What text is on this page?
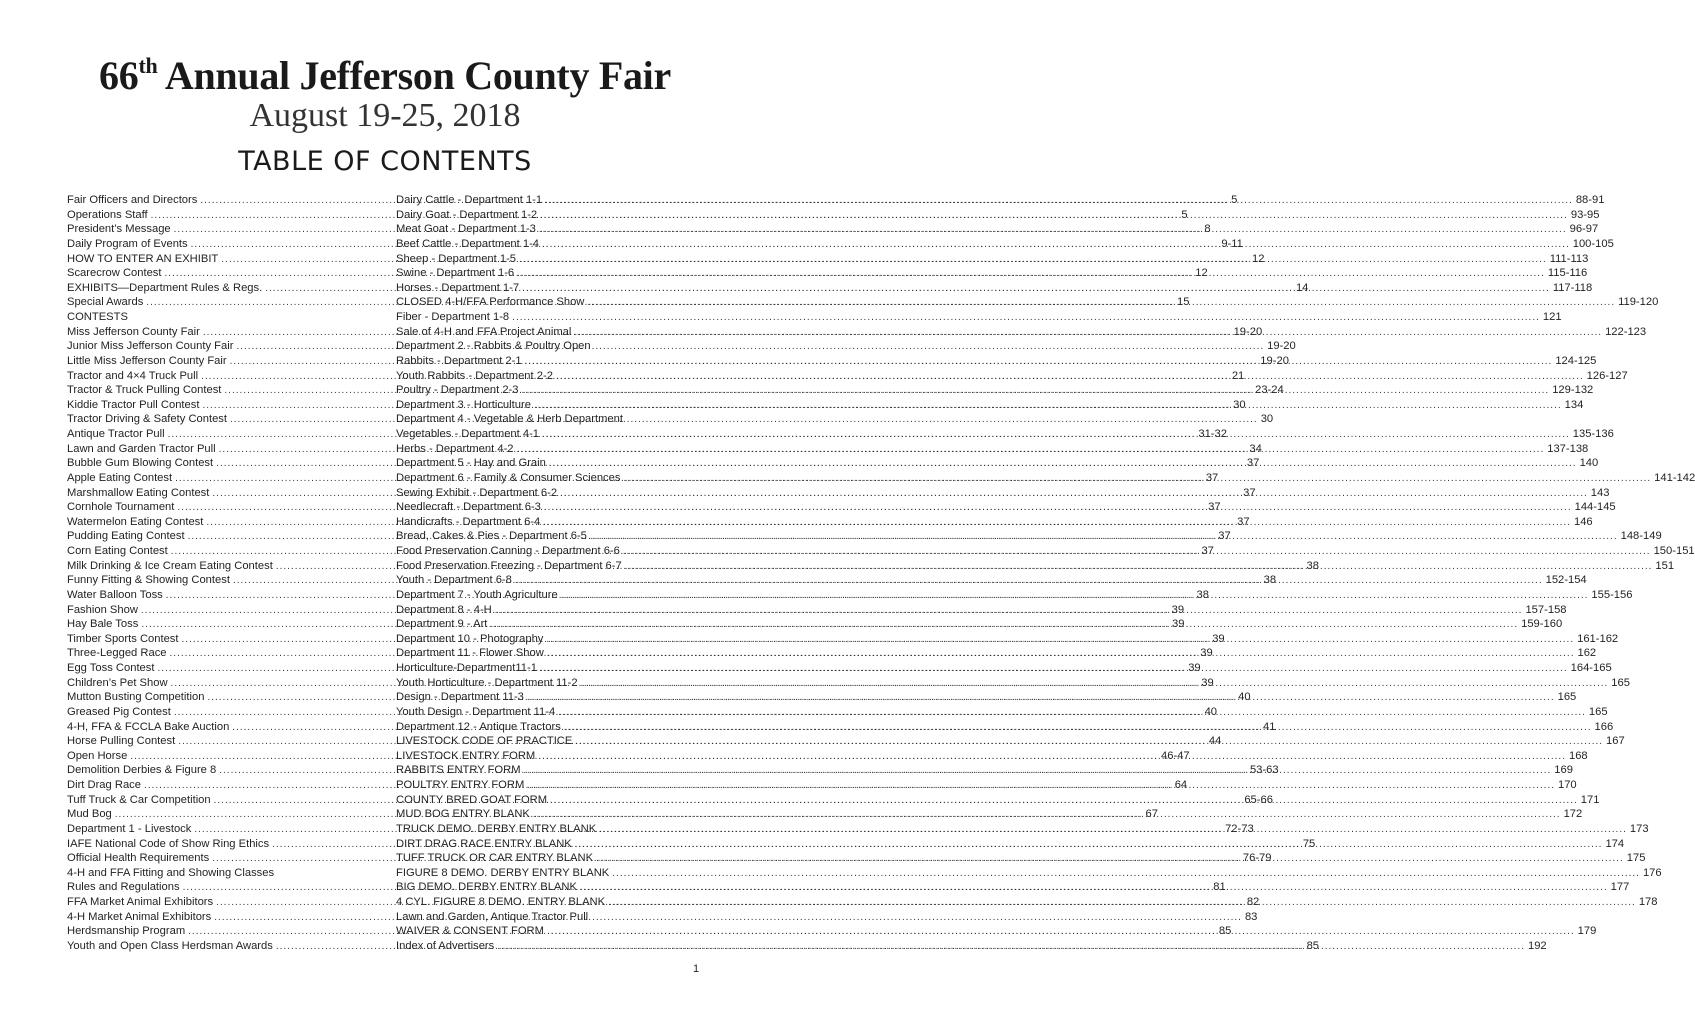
66th Annual Jefferson County Fair
August 19-25, 2018
TABLE OF CONTENTS
Fair Officers and Directors .....	5
Operations Staff .....	5
President’s Message .....	8
Daily Program of Events .....	9-11
HOW TO ENTER AN EXHIBIT .....	12
Scarecrow Contest .....	12
EXHIBITS—Department Rules & Regs. .....	14
Special Awards .....	15
CONTESTS
Miss Jefferson County Fair .....	19-20
Junior Miss Jefferson County Fair .....	19-20
Little Miss Jefferson County Fair .....	19-20
Tractor and 4×4 Truck Pull .....	21
Tractor & Truck Pulling Contest .....	23-24
Kiddie Tractor Pull Contest .....	30
Tractor Driving & Safety Contest .....	30
Antique Tractor Pull .....	31-32
Lawn and Garden Tractor Pull .....	34
Bubble Gum Blowing Contest .....	37
Apple Eating Contest .....	37
Marshmallow Eating Contest .....	37
Cornhole Tournament .....	37
Watermelon Eating Contest .....	37
Pudding Eating Contest .....	37
Corn Eating Contest .....	37
Milk Drinking & Ice Cream Eating Contest .....	38
Funny Fitting & Showing Contest .....	38
Water Balloon Toss .....	38
Fashion Show .....	39
Hay Bale Toss .....	39
Timber Sports Contest .....	39
Three-Legged Race .....	39
Egg Toss Contest .....	39
Children’s Pet Show .....	39
Mutton Busting Competition .....	40
Greased Pig Contest .....	40
4-H, FFA & FCCLA Bake Auction .....	41
Horse Pulling Contest .....	44
Open Horse .....	46-47
Demolition Derbies & Figure 8 .....	53-63
Dirt Drag Race .....	64
Tuff Truck & Car Competition .....	65-66
Mud Bog .....	67
Department 1 - Livestock .....	72-73
IAFE National Code of Show Ring Ethics .....	75
Official Health Requirements .....	76-79
4-H and FFA Fitting and Showing Classes
Rules and Regulations .....	81
FFA Market Animal Exhibitors .....	82
4-H Market Animal Exhibitors .....	83
Herdsmanship Program .....	85
Youth and Open Class Herdsman Awards .....	85
Dairy Cattle - Department 1-1 .....	88-91
Dairy Goat - Department 1-2 .....	93-95
Meat Goat - Department 1-3 .....	96-97
Beef Cattle - Department 1-4 .....	100-105
Sheep - Department 1-5 .....	111-113
Swine - Department 1-6 .....	115-116
Horses - Department 1-7 .....	117-118
CLOSED 4-H/FFA Performance Show .....	119-120
Fiber - Department 1-8 .....	121
Sale of 4-H and FFA Project Animal .....	122-123
Department 2 - Rabbits & Poultry Open
Rabbits - Department 2-1 .....	124-125
Youth Rabbits - Department 2-2 .....	126-127
Poultry - Department 2-3 .....	129-132
Department 3 - Horticulture .....	134
Department 4 - Vegetable & Herb Department
Vegetables - Department 4-1 .....	135-136
Herbs - Department 4-2 .....	137-138
Department 5 - Hay and Grain .....	140
Department 6 - Family & Consumer Sciences .....	141-142
Sewing Exhibit - Department 6-2 .....	143
Needlecraft - Department 6-3 .....	144-145
Handicrafts - Department 6-4 .....	146
Bread, Cakes & Pies - Department 6-5 .....	148-149
Food Preservation Canning - Department 6-6 .....	150-151
Food Preservation Freezing - Department 6-7 .....	151
Youth - Department 6-8 .....	152-154
Department 7 - Youth Agriculture .....	155-156
Department 8 - 4-H .....	157-158
Department 9 - Art .....	159-160
Department 10 - Photography .....	161-162
Department 11 - Flower Show .....	162
Horticulture-Department11-1 .....	164-165
Youth Horticulture - Department 11-2 .....	165
Design - Department 11-3 .....	165
Youth Design - Department 11-4 .....	165
Department 12 - Antique Tractors .....	166
LIVESTOCK CODE OF PRACTICE .....	167
LIVESTOCK ENTRY FORM .....	168
RABBITS ENTRY FORM .....	169
POULTRY ENTRY FORM .....	170
COUNTY BRED GOAT FORM .....	171
MUD BOG ENTRY BLANK .....	172
TRUCK DEMO. DERBY ENTRY BLANK .....	173
DIRT DRAG RACE ENTRY BLANK .....	174
TUFF TRUCK OR CAR ENTRY BLANK .....	175
FIGURE 8 DEMO. DERBY ENTRY BLANK .....	176
BIG DEMO. DERBY ENTRY BLANK .....	177
4 CYL. FIGURE 8 DEMO. ENTRY BLANK .....	178
Lawn and Garden, Antique Tractor Pull
WAIVER & CONSENT FORM .....	179
Index of Advertisers .....	192
1
